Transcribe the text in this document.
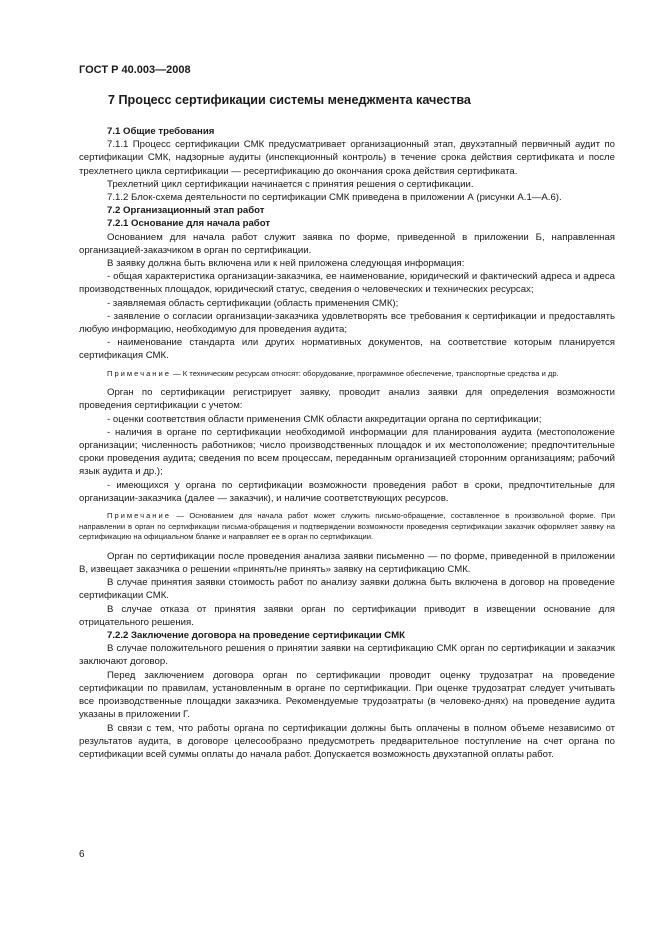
ГОСТ Р 40.003—2008
7 Процесс сертификации системы менеджмента качества

7.1 Общие требования

7.1.1 Процесс сертификации СМК предусматривает организационный этап, двухэтапный первичный аудит по сертификации СМК, надзорные аудиты (инспекционный контроль) в течение срока действия сертификата и после трехлетнего цикла сертификации — ресертификацию до окончания срока действия сертификата.

Трехлетний цикл сертификации начинается с принятия решения о сертификации.

7.1.2 Блок-схема деятельности по сертификации СМК приведена в приложении А (рисунки А.1—А.6).

7.2 Организационный этап работ

7.2.1 Основание для начала работ

Основанием для начала работ служит заявка по форме, приведенной в приложении Б, направленная организацией-заказчиком в орган по сертификации.

В заявку должна быть включена или к ней приложена следующая информация:

- общая характеристика организации-заказчика, ее наименование, юридический и фактический адреса и адреса производственных площадок, юридический статус, сведения о человеческих и технических ресурсах;

- заявляемая область сертификации (область применения СМК);

- заявление о согласии организации-заказчика удовлетворять все требования к сертификации и предоставлять любую информацию, необходимую для проведения аудита;

- наименование стандарта или других нормативных документов, на соответствие которым планируется сертификация СМК.

Примечание — К техническим ресурсам относят: оборудование, программное обеспечение, транспортные средства и др.

Орган по сертификации регистрирует заявку, проводит анализ заявки для определения возможности проведения сертификации с учетом:

- оценки соответствия области применения СМК области аккредитации органа по сертификации;

- наличия в органе по сертификации необходимой информации для планирования аудита (местоположение организации; численность работников; число производственных площадок и их местоположение; предпочтительные сроки проведения аудита; сведения по всем процессам, переданным организацией сторонним организациям; рабочий язык аудита и др.);

- имеющихся у органа по сертификации возможности проведения работ в сроки, предпочтительные для организации-заказчика (далее — заказчик), и наличие соответствующих ресурсов.

Примечание — Основанием для начала работ может служить письмо-обращение, составленное в произвольной форме. При направлении в орган по сертификации письма-обращения и подтверждении возможности проведения сертификации заказчик оформляет заявку на сертификацию на официальном бланке и направляет ее в орган по сертификации.

Орган по сертификации после проведения анализа заявки письменно — по форме, приведенной в приложении В, извещает заказчика о решении «принять/не принять» заявку на сертификацию СМК.

В случае принятия заявки стоимость работ по анализу заявки должна быть включена в договор на проведение сертификации СМК.

В случае отказа от принятия заявки орган по сертификации приводит в извещении основание для отрицательного решения.

7.2.2 Заключение договора на проведение сертификации СМК

В случае положительного решения о принятии заявки на сертификацию СМК орган по сертификации и заказчик заключают договор.

Перед заключением договора орган по сертификации проводит оценку трудозатрат на проведение сертификации по правилам, установленным в органе по сертификации. При оценке трудозатрат следует учитывать все производственные площадки заказчика. Рекомендуемые трудозатраты (в человеко-днях) на проведение аудита указаны в приложении Г.

В связи с тем, что работы органа по сертификации должны быть оплачены в полном объеме независимо от результатов аудита, в договоре целесообразно предусмотреть предварительное поступление на счет органа по сертификации всей суммы оплаты до начала работ. Допускается возможность двухэтапной оплаты работ.

6
